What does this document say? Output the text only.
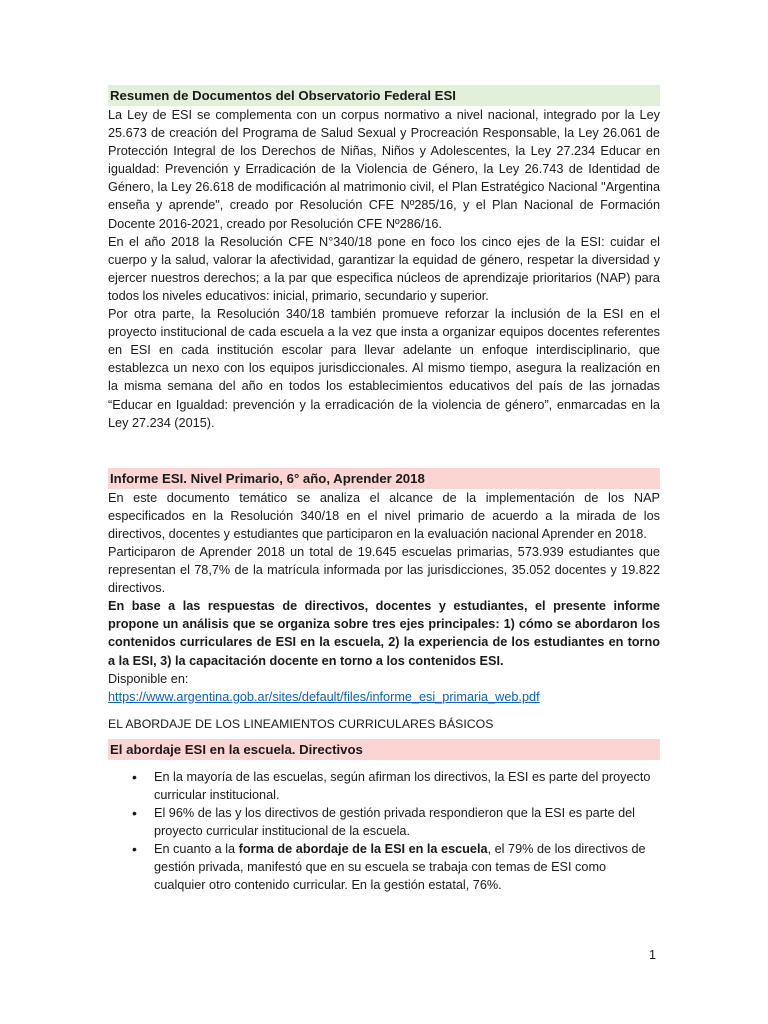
Resumen de Documentos del Observatorio Federal ESI

La Ley de ESI se complementa con un corpus normativo a nivel nacional, integrado por la Ley 25.673 de creación del Programa de Salud Sexual y Procreación Responsable, la Ley 26.061 de Protección Integral de los Derechos de Niñas, Niños y Adolescentes, la Ley 27.234 Educar en igualdad: Prevención y Erradicación de la Violencia de Género, la Ley 26.743 de Identidad de Género, la Ley 26.618 de modificación al matrimonio civil, el Plan Estratégico Nacional "Argentina enseña y aprende", creado por Resolución CFE Nº285/16, y el Plan Nacional de Formación Docente 2016-2021, creado por Resolución CFE Nº286/16.

En el año 2018 la Resolución CFE N°340/18 pone en foco los cinco ejes de la ESI: cuidar el cuerpo y la salud, valorar la afectividad, garantizar la equidad de género, respetar la diversidad y ejercer nuestros derechos; a la par que especifica núcleos de aprendizaje prioritarios (NAP) para todos los niveles educativos: inicial, primario, secundario y superior.

Por otra parte, la Resolución 340/18 también promueve reforzar la inclusión de la ESI en el proyecto institucional de cada escuela a la vez que insta a organizar equipos docentes referentes en ESI en cada institución escolar para llevar adelante un enfoque interdisciplinario, que establezca un nexo con los equipos jurisdiccionales. Al mismo tiempo, asegura la realización en la misma semana del año en todos los establecimientos educativos del país de las jornadas “Educar en Igualdad: prevención y la erradicación de la violencia de género”, enmarcadas en la Ley 27.234 (2015).

Informe ESI. Nivel Primario, 6° año, Aprender 2018

En este documento temático se analiza el alcance de la implementación de los NAP especificados en la Resolución 340/18 en el nivel primario de acuerdo a la mirada de los directivos, docentes y estudiantes que participaron en la evaluación nacional Aprender en 2018.

Participaron de Aprender 2018 un total de 19.645 escuelas primarias, 573.939 estudiantes que representan el 78,7% de la matrícula informada por las jurisdicciones, 35.052 docentes y 19.822 directivos.

En base a las respuestas de directivos, docentes y estudiantes, el presente informe propone un análisis que se organiza sobre tres ejes principales: 1) cómo se abordaron los contenidos curriculares de ESI en la escuela, 2) la experiencia de los estudiantes en torno a la ESI, 3) la capacitación docente en torno a los contenidos ESI.

Disponible en:

https://www.argentina.gob.ar/sites/default/files/informe_esi_primaria_web.pdf
EL ABORDAJE DE LOS LINEAMIENTOS CURRICULARES BÁSICOS
El abordaje ESI en la escuela. Directivos
• En la mayoría de las escuelas, según afirman los directivos, la ESI es parte del proyecto curricular institucional.
• El 96% de las y los directivos de gestión privada respondieron que la ESI es parte del proyecto curricular institucional de la escuela.
• En cuanto a la forma de abordaje de la ESI en la escuela, el 79% de los directivos de gestión privada, manifestó que en su escuela se trabaja con temas de ESI como cualquier otro contenido curricular. En la gestión estatal, 76%.
1
